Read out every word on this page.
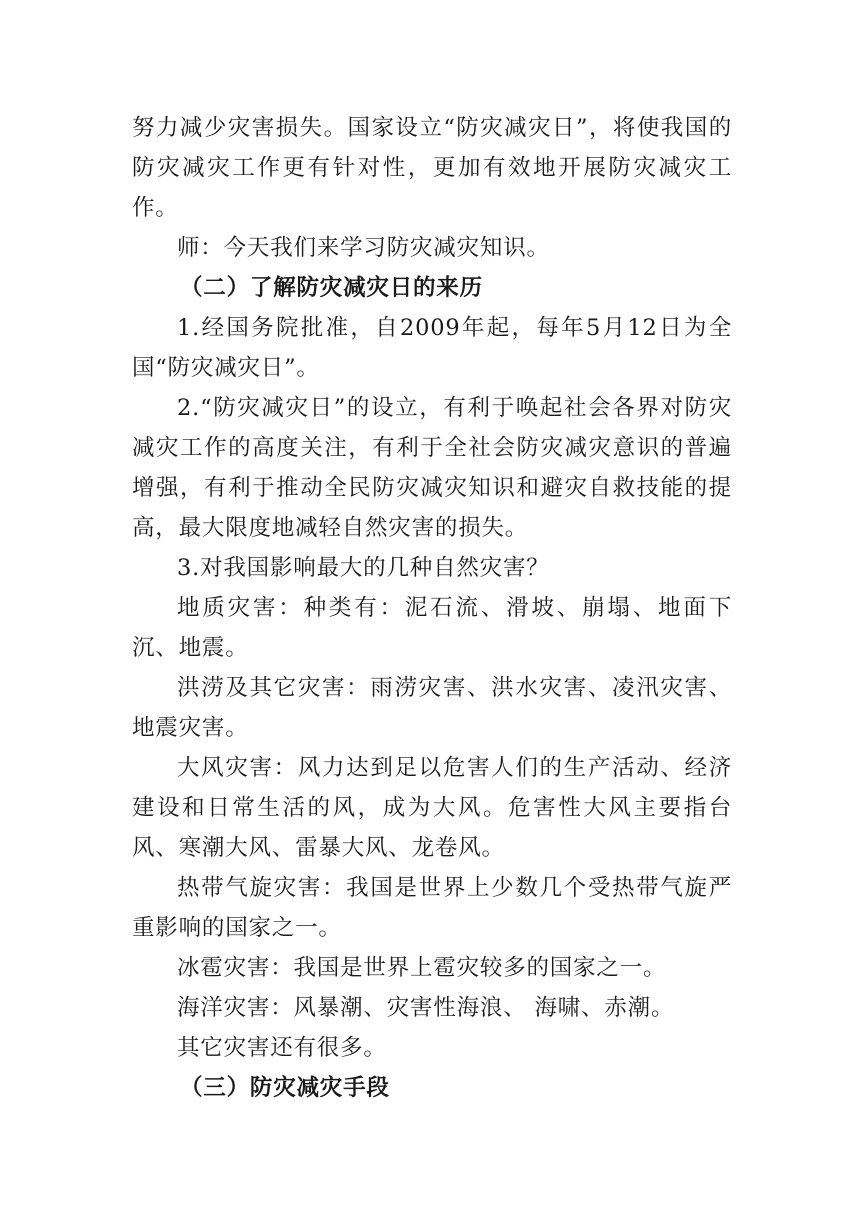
努力减少灾害损失。国家设立“防灾减灾日”，将使我国的防灾减灾工作更有针对性，更加有效地开展防灾减灾工作。

师：今天我们来学习防灾减灾知识。

（二）了解防灾减灾日的来历

1.经国务院批准，自2009年起，每年5月12日为全国“防灾减灾日”。

2.“防灾减灾日”的设立，有利于唤起社会各界对防灾减灾工作的高度关注，有利于全社会防灾减灾意识的普遍增强，有利于推动全民防灾减灾知识和避灾自救技能的提高，最大限度地减轻自然灾害的损失。

3.对我国影响最大的几种自然灾害？

地质灾害：种类有：泥石流、滑坡、崩塌、地面下沉、地震。

洪涝及其它灾害：雨涝灾害、洪水灾害、凌汛灾害、地震灾害。

大风灾害：风力达到足以危害人们的生产活动、经济建设和日常生活的风，成为大风。危害性大风主要指台风、寒潮大风、雷暴大风、龙卷风。

热带气旋灾害：我国是世界上少数几个受热带气旋严重影响的国家之一。

冰雹灾害：我国是世界上雹灾较多的国家之一。

海洋灾害：风暴潮、灾害性海浪、 海啸、赤潮。

其它灾害还有很多。

（三）防灾减灾手段
